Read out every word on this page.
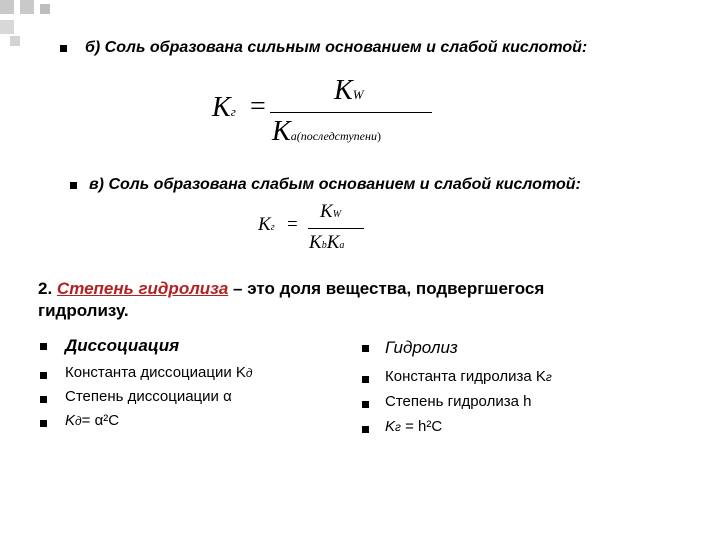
б) Соль образована сильным основанием и слабой кислотой:
Kг =
KW
Ka(последступени)
в) Соль образована слабым основанием и слабой кислотой:
Kг =
KW
KbKa
2. Степень гидролиза – это доля вещества, подвергшегося
гидролизу.
Диссоциация
Константа диссоциации Kд
Степень диссоциации α
Kд= α²C
Гидролиз
Константа гидролиза Kг
Степень гидролиза h
Kг = h²C
